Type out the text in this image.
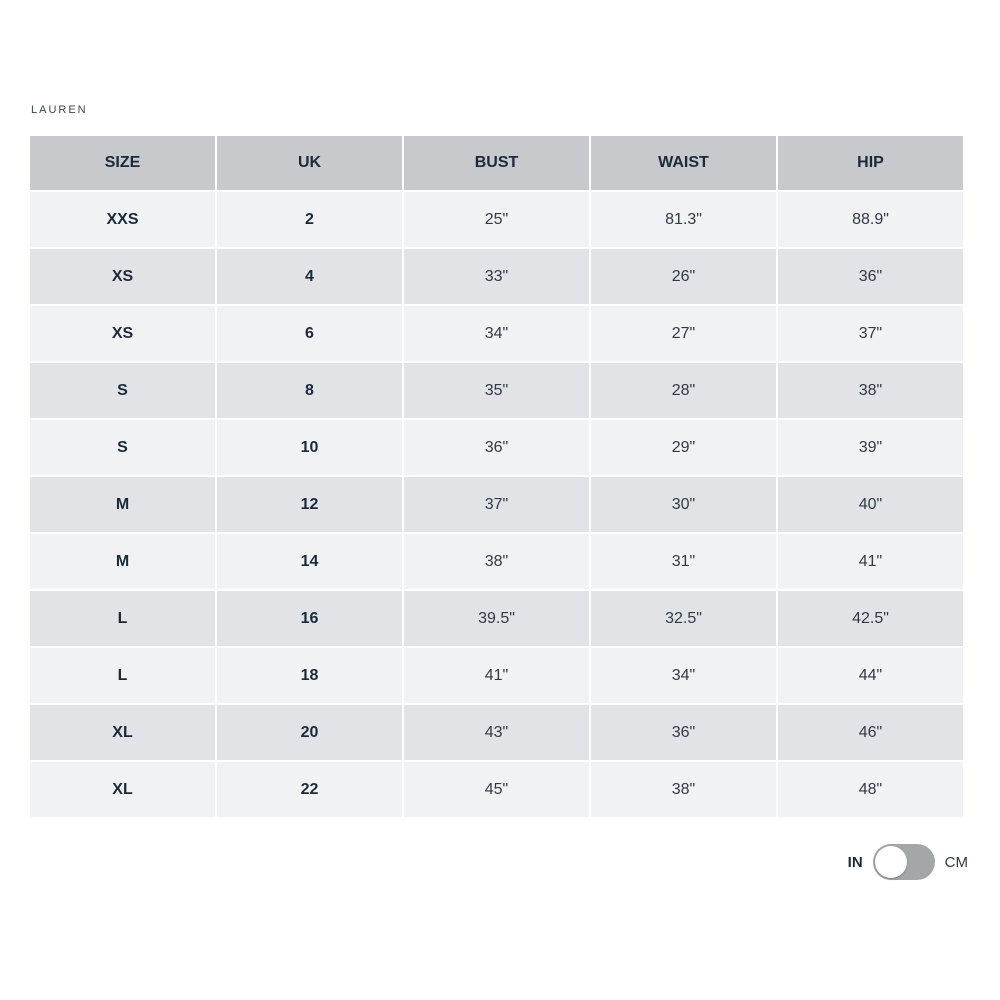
LAUREN
SIZE	UK	BUST	WAIST	HIP
XXS	2	25"	81.3"	88.9"
XS	4	33"	26"	36"
XS	6	34"	27"	37"
S	8	35"	28"	38"
S	10	36"	29"	39"
M	12	37"	30"	40"
M	14	38"	31"	41"
L	16	39.5"	32.5"	42.5"
L	18	41"	34"	44"
XL	20	43"	36"	46"
XL	22	45"	38"	48"
IN	CM
